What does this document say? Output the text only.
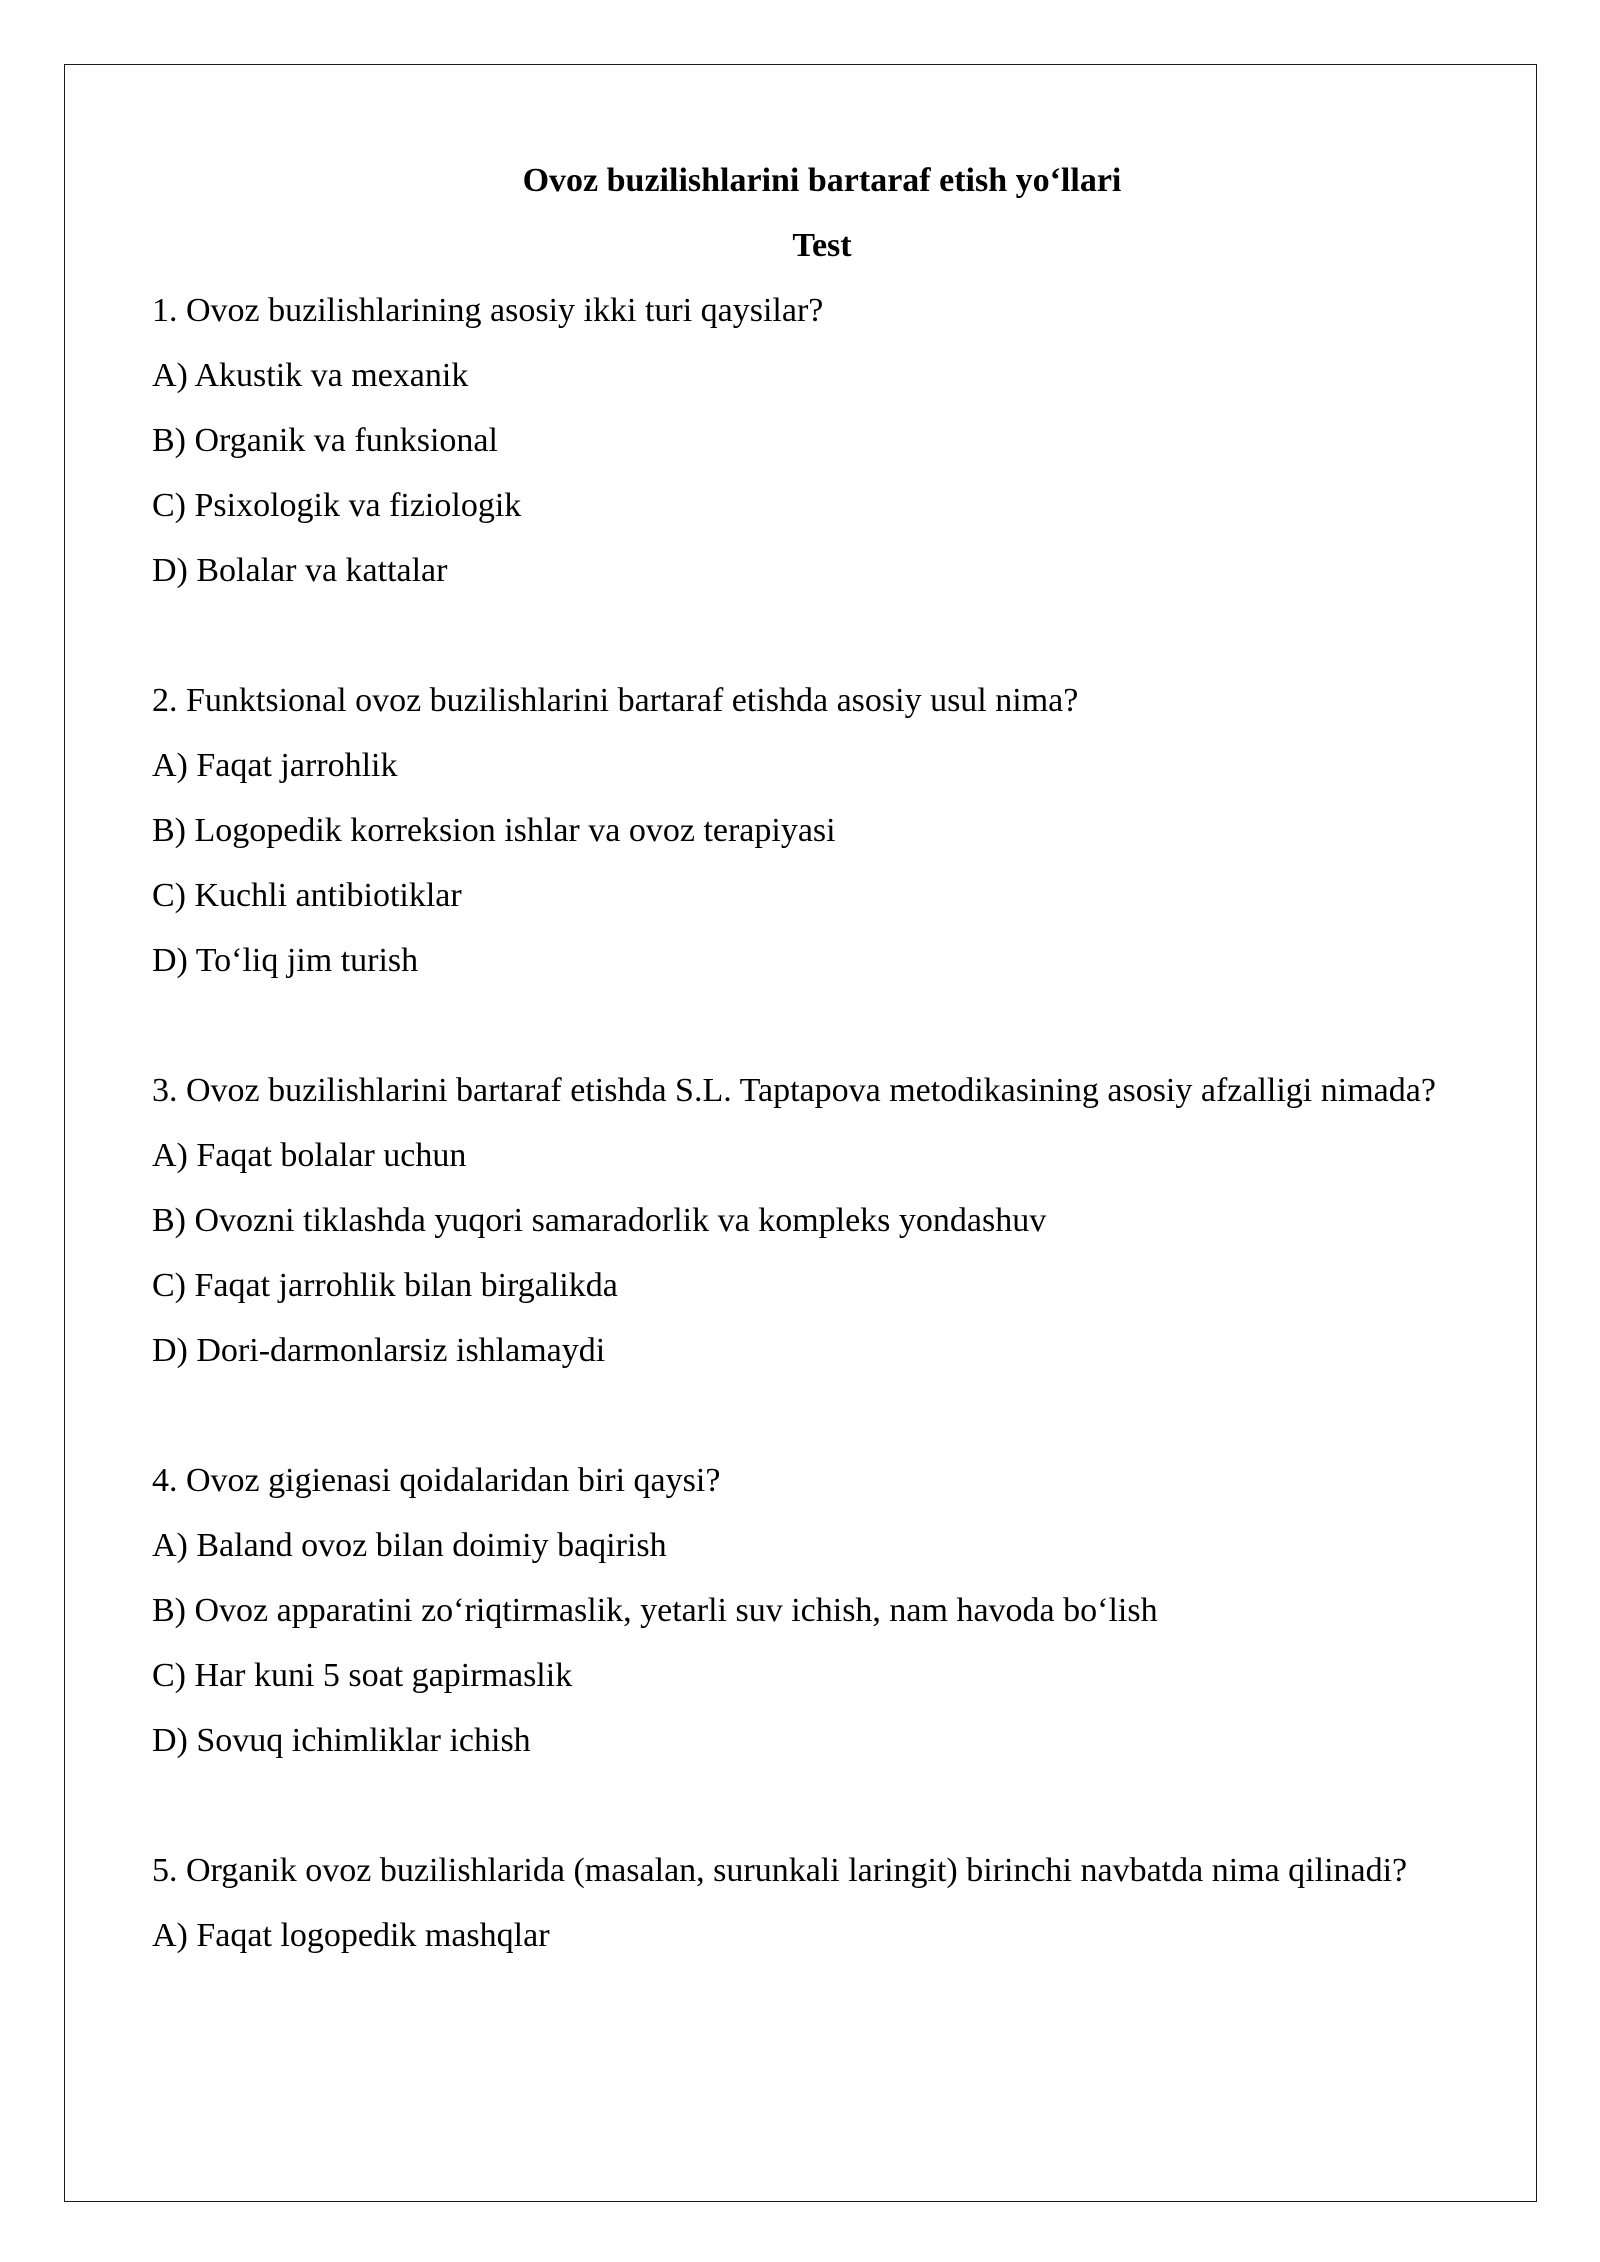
Ovoz buzilishlarini bartaraf etish yo‘llari
Test

1. Ovoz buzilishlarining asosiy ikki turi qaysilar?

A) Akustik va mexanik

B) Organik va funksional

C) Psixologik va fiziologik

D) Bolalar va kattalar

2. Funktsional ovoz buzilishlarini bartaraf etishda asosiy usul nima?

A) Faqat jarrohlik

B) Logopedik korreksion ishlar va ovoz terapiyasi

C) Kuchli antibiotiklar

D) To‘liq jim turish

3. Ovoz buzilishlarini bartaraf etishda S.L. Taptapova metodikasining asosiy afzalligi nimada?

A) Faqat bolalar uchun

B) Ovozni tiklashda yuqori samaradorlik va kompleks yondashuv

C) Faqat jarrohlik bilan birgalikda

D) Dori-darmonlarsiz ishlamaydi

4. Ovoz gigienasi qoidalaridan biri qaysi?

A) Baland ovoz bilan doimiy baqirish

B) Ovoz apparatini zo‘riqtirmaslik, yetarli suv ichish, nam havoda bo‘lish

C) Har kuni 5 soat gapirmaslik

D) Sovuq ichimliklar ichish

5. Organik ovoz buzilishlarida (masalan, surunkali laringit) birinchi navbatda nima qilinadi?

A) Faqat logopedik mashqlar
